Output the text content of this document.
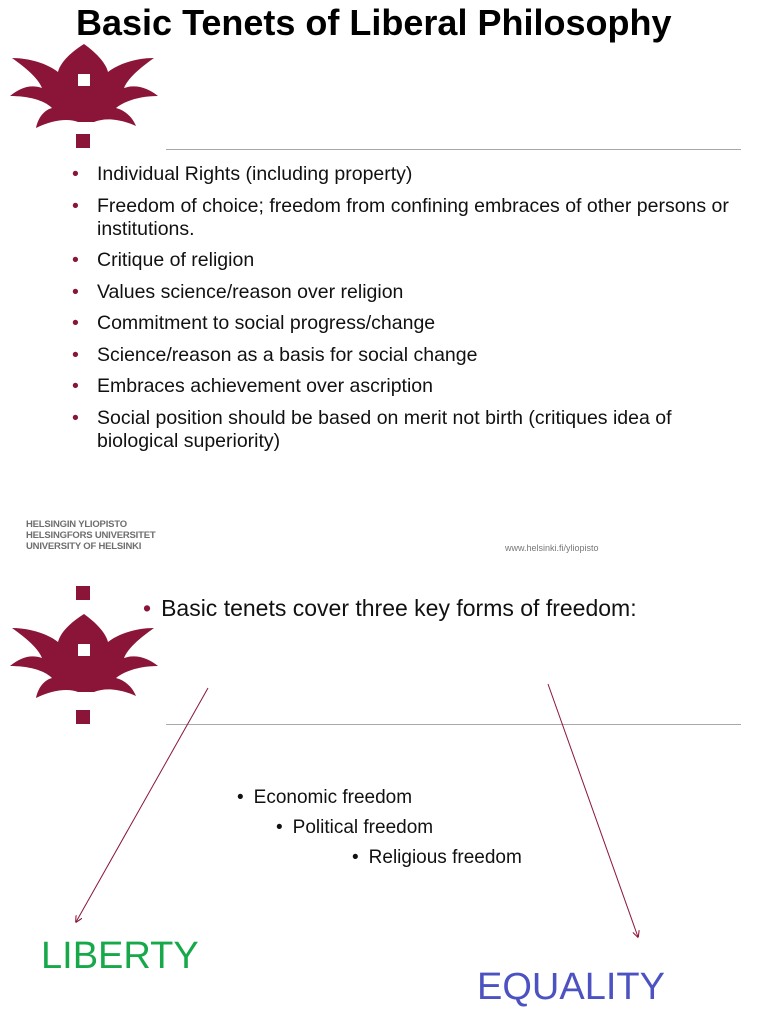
Basic Tenets of Liberal Philosophy
• Individual Rights (including property)
• Freedom of choice; freedom from confining embraces of other persons or institutions.
• Critique of religion
• Values science/reason over religion
• Commitment to social progress/change
• Science/reason as a basis for social change
• Embraces achievement over ascription
• Social position should be based on merit not birth (critiques idea of biological superiority)
HELSINGIN YLIOPISTO
HELSINGFORS UNIVERSITET
UNIVERSITY OF HELSINKI	www.helsinki.fi/yliopisto
• Basic tenets cover three key forms of freedom:
• Economic freedom
• Political freedom
• Religious freedom
LIBERTY
EQUALITY
